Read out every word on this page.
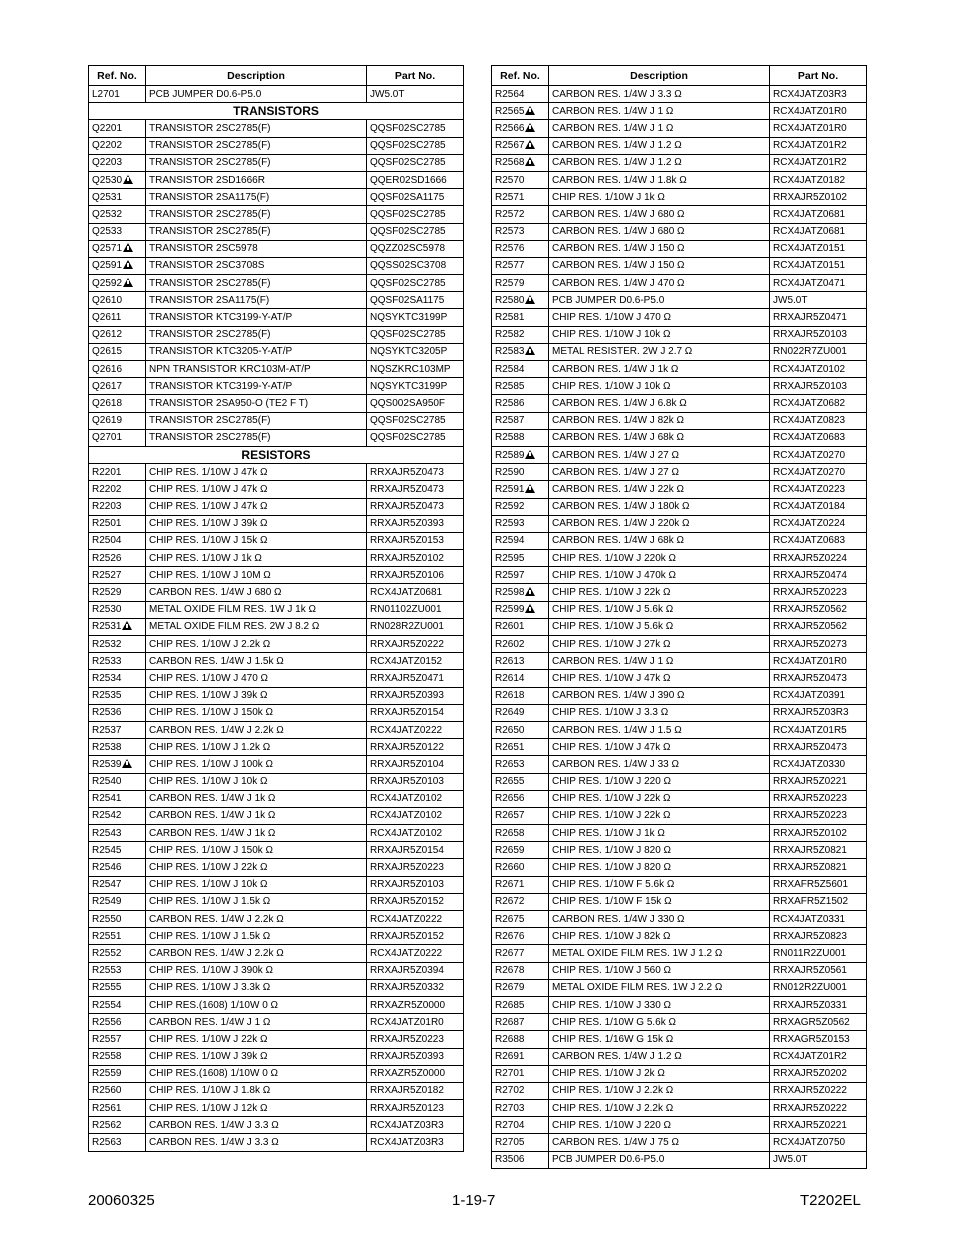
Ref. No.	Description	Part No.
L2701	PCB JUMPER D0.6-P5.0	JW5.0T
TRANSISTORS		
Q2201	TRANSISTOR 2SC2785(F)	QQSF02SC2785
Q2202	TRANSISTOR 2SC2785(F)	QQSF02SC2785
Q2203	TRANSISTOR 2SC2785(F)	QQSF02SC2785
Q2530	TRANSISTOR 2SD1666R	QQER02SD1666
Q2531	TRANSISTOR 2SA1175(F)	QQSF02SA1175
Q2532	TRANSISTOR 2SC2785(F)	QQSF02SC2785
Q2533	TRANSISTOR 2SC2785(F)	QQSF02SC2785
Q2571	TRANSISTOR 2SC5978	QQZZ02SC5978
Q2591	TRANSISTOR 2SC3708S	QQSS02SC3708
Q2592	TRANSISTOR 2SC2785(F)	QQSF02SC2785
Q2610	TRANSISTOR 2SA1175(F)	QQSF02SA1175
Q2611	TRANSISTOR KTC3199-Y-AT/P	NQSYKTC3199P
Q2612	TRANSISTOR 2SC2785(F)	QQSF02SC2785
Q2615	TRANSISTOR KTC3205-Y-AT/P	NQSYKTC3205P
Q2616	NPN TRANSISTOR KRC103M-AT/P	NQSZKRC103MP
Q2617	TRANSISTOR KTC3199-Y-AT/P	NQSYKTC3199P
Q2618	TRANSISTOR 2SA950-O (TE2 F T)	QQS002SA950F
Q2619	TRANSISTOR 2SC2785(F)	QQSF02SC2785
Q2701	TRANSISTOR 2SC2785(F)	QQSF02SC2785
RESISTORS		
R2201	CHIP RES. 1/10W J 47k Ω	RRXAJR5Z0473
R2202	CHIP RES. 1/10W J 47k Ω	RRXAJR5Z0473
R2203	CHIP RES. 1/10W J 47k Ω	RRXAJR5Z0473
R2501	CHIP RES. 1/10W J 39k Ω	RRXAJR5Z0393
R2504	CHIP RES. 1/10W J 15k Ω	RRXAJR5Z0153
R2526	CHIP RES. 1/10W J 1k Ω	RRXAJR5Z0102
R2527	CHIP RES. 1/10W J 10M Ω	RRXAJR5Z0106
R2529	CARBON RES. 1/4W J 680 Ω	RCX4JATZ0681
R2530	METAL OXIDE FILM RES. 1W J 1k Ω	RN01102ZU001
R2531	METAL OXIDE FILM RES. 2W J 8.2 Ω	RN028R2ZU001
R2532	CHIP RES. 1/10W J 2.2k Ω	RRXAJR5Z0222
R2533	CARBON RES. 1/4W J 1.5k Ω	RCX4JATZ0152
R2534	CHIP RES. 1/10W J 470 Ω	RRXAJR5Z0471
R2535	CHIP RES. 1/10W J 39k Ω	RRXAJR5Z0393
R2536	CHIP RES. 1/10W J 150k Ω	RRXAJR5Z0154
R2537	CARBON RES. 1/4W J 2.2k Ω	RCX4JATZ0222
R2538	CHIP RES. 1/10W J 1.2k Ω	RRXAJR5Z0122
R2539	CHIP RES. 1/10W J 100k Ω	RRXAJR5Z0104
R2540	CHIP RES. 1/10W J 10k Ω	RRXAJR5Z0103
R2541	CARBON RES. 1/4W J 1k Ω	RCX4JATZ0102
R2542	CARBON RES. 1/4W J 1k Ω	RCX4JATZ0102
R2543	CARBON RES. 1/4W J 1k Ω	RCX4JATZ0102
R2545	CHIP RES. 1/10W J 150k Ω	RRXAJR5Z0154
R2546	CHIP RES. 1/10W J 22k Ω	RRXAJR5Z0223
R2547	CHIP RES. 1/10W J 10k Ω	RRXAJR5Z0103
R2549	CHIP RES. 1/10W J 1.5k Ω	RRXAJR5Z0152
R2550	CARBON RES. 1/4W J 2.2k Ω	RCX4JATZ0222
R2551	CHIP RES. 1/10W J 1.5k Ω	RRXAJR5Z0152
R2552	CARBON RES. 1/4W J 2.2k Ω	RCX4JATZ0222
R2553	CHIP RES. 1/10W J 390k Ω	RRXAJR5Z0394
R2555	CHIP RES. 1/10W J 3.3k Ω	RRXAJR5Z0332
R2554	CHIP RES.(1608) 1/10W 0 Ω	RRXAZR5Z0000
R2556	CARBON RES. 1/4W J 1 Ω	RCX4JATZ01R0
R2557	CHIP RES. 1/10W J 22k Ω	RRXAJR5Z0223
R2558	CHIP RES. 1/10W J 39k Ω	RRXAJR5Z0393
R2559	CHIP RES.(1608) 1/10W 0 Ω	RRXAZR5Z0000
R2560	CHIP RES. 1/10W J 1.8k Ω	RRXAJR5Z0182
R2561	CHIP RES. 1/10W J 12k Ω	RRXAJR5Z0123
R2562	CARBON RES. 1/4W J 3.3 Ω	RCX4JATZ03R3
R2563	CARBON RES. 1/4W J 3.3 Ω	RCX4JATZ03R3
Ref. No.	Description	Part No.
R2564	CARBON RES. 1/4W J 3.3 Ω	RCX4JATZ03R3
R2565	CARBON RES. 1/4W J 1 Ω	RCX4JATZ01R0
R2566	CARBON RES. 1/4W J 1 Ω	RCX4JATZ01R0
R2567	CARBON RES. 1/4W J 1.2 Ω	RCX4JATZ01R2
R2568	CARBON RES. 1/4W J 1.2 Ω	RCX4JATZ01R2
R2570	CARBON RES. 1/4W J 1.8k Ω	RCX4JATZ0182
R2571	CHIP RES. 1/10W J 1k Ω	RRXAJR5Z0102
R2572	CARBON RES. 1/4W J 680 Ω	RCX4JATZ0681
R2573	CARBON RES. 1/4W J 680 Ω	RCX4JATZ0681
R2576	CARBON RES. 1/4W J 150 Ω	RCX4JATZ0151
R2577	CARBON RES. 1/4W J 150 Ω	RCX4JATZ0151
R2579	CARBON RES. 1/4W J 470 Ω	RCX4JATZ0471
R2580	PCB JUMPER D0.6-P5.0	JW5.0T
R2581	CHIP RES. 1/10W J 470 Ω	RRXAJR5Z0471
R2582	CHIP RES. 1/10W J 10k Ω	RRXAJR5Z0103
R2583	METAL RESISTER. 2W J 2.7 Ω	RN022R7ZU001
R2584	CARBON RES. 1/4W J 1k Ω	RCX4JATZ0102
R2585	CHIP RES. 1/10W J 10k Ω	RRXAJR5Z0103
R2586	CARBON RES. 1/4W J 6.8k Ω	RCX4JATZ0682
R2587	CARBON RES. 1/4W J 82k Ω	RCX4JATZ0823
R2588	CARBON RES. 1/4W J 68k Ω	RCX4JATZ0683
R2589	CARBON RES. 1/4W J 27 Ω	RCX4JATZ0270
R2590	CARBON RES. 1/4W J 27 Ω	RCX4JATZ0270
R2591	CARBON RES. 1/4W J 22k Ω	RCX4JATZ0223
R2592	CARBON RES. 1/4W J 180k Ω	RCX4JATZ0184
R2593	CARBON RES. 1/4W J 220k Ω	RCX4JATZ0224
R2594	CARBON RES. 1/4W J 68k Ω	RCX4JATZ0683
R2595	CHIP RES. 1/10W J 220k Ω	RRXAJR5Z0224
R2597	CHIP RES. 1/10W J 470k Ω	RRXAJR5Z0474
R2598	CHIP RES. 1/10W J 22k Ω	RRXAJR5Z0223
R2599	CHIP RES. 1/10W J 5.6k Ω	RRXAJR5Z0562
R2601	CHIP RES. 1/10W J 5.6k Ω	RRXAJR5Z0562
R2602	CHIP RES. 1/10W J 27k Ω	RRXAJR5Z0273
R2613	CARBON RES. 1/4W J 1 Ω	RCX4JATZ01R0
R2614	CHIP RES. 1/10W J 47k Ω	RRXAJR5Z0473
R2618	CARBON RES. 1/4W J 390 Ω	RCX4JATZ0391
R2649	CHIP RES. 1/10W J 3.3 Ω	RRXAJR5Z03R3
R2650	CARBON RES. 1/4W J 1.5 Ω	RCX4JATZ01R5
R2651	CHIP RES. 1/10W J 47k Ω	RRXAJR5Z0473
R2653	CARBON RES. 1/4W J 33 Ω	RCX4JATZ0330
R2655	CHIP RES. 1/10W J 220 Ω	RRXAJR5Z0221
R2656	CHIP RES. 1/10W J 22k Ω	RRXAJR5Z0223
R2657	CHIP RES. 1/10W J 22k Ω	RRXAJR5Z0223
R2658	CHIP RES. 1/10W J 1k Ω	RRXAJR5Z0102
R2659	CHIP RES. 1/10W J 820 Ω	RRXAJR5Z0821
R2660	CHIP RES. 1/10W J 820 Ω	RRXAJR5Z0821
R2671	CHIP RES. 1/10W F 5.6k Ω	RRXAFR5Z5601
R2672	CHIP RES. 1/10W F 15k Ω	RRXAFR5Z1502
R2675	CARBON RES. 1/4W J 330 Ω	RCX4JATZ0331
R2676	CHIP RES. 1/10W J 82k Ω	RRXAJR5Z0823
R2677	METAL OXIDE FILM RES. 1W J 1.2 Ω	RN011R2ZU001
R2678	CHIP RES. 1/10W J 560 Ω	RRXAJR5Z0561
R2679	METAL OXIDE FILM RES. 1W J 2.2 Ω	RN012R2ZU001
R2685	CHIP RES. 1/10W J 330 Ω	RRXAJR5Z0331
R2687	CHIP RES. 1/10W G 5.6k Ω	RRXAGR5Z0562
R2688	CHIP RES. 1/16W G 15k Ω	RRXAGR5Z0153
R2691	CARBON RES. 1/4W J 1.2 Ω	RCX4JATZ01R2
R2701	CHIP RES. 1/10W J 2k Ω	RRXAJR5Z0202
R2702	CHIP RES. 1/10W J 2.2k Ω	RRXAJR5Z0222
R2703	CHIP RES. 1/10W J 2.2k Ω	RRXAJR5Z0222
R2704	CHIP RES. 1/10W J 220 Ω	RRXAJR5Z0221
R2705	CARBON RES. 1/4W J 75 Ω	RCX4JATZ0750
R3506	PCB JUMPER D0.6-P5.0	JW5.0T
20060325	1-19-7	T2202EL
